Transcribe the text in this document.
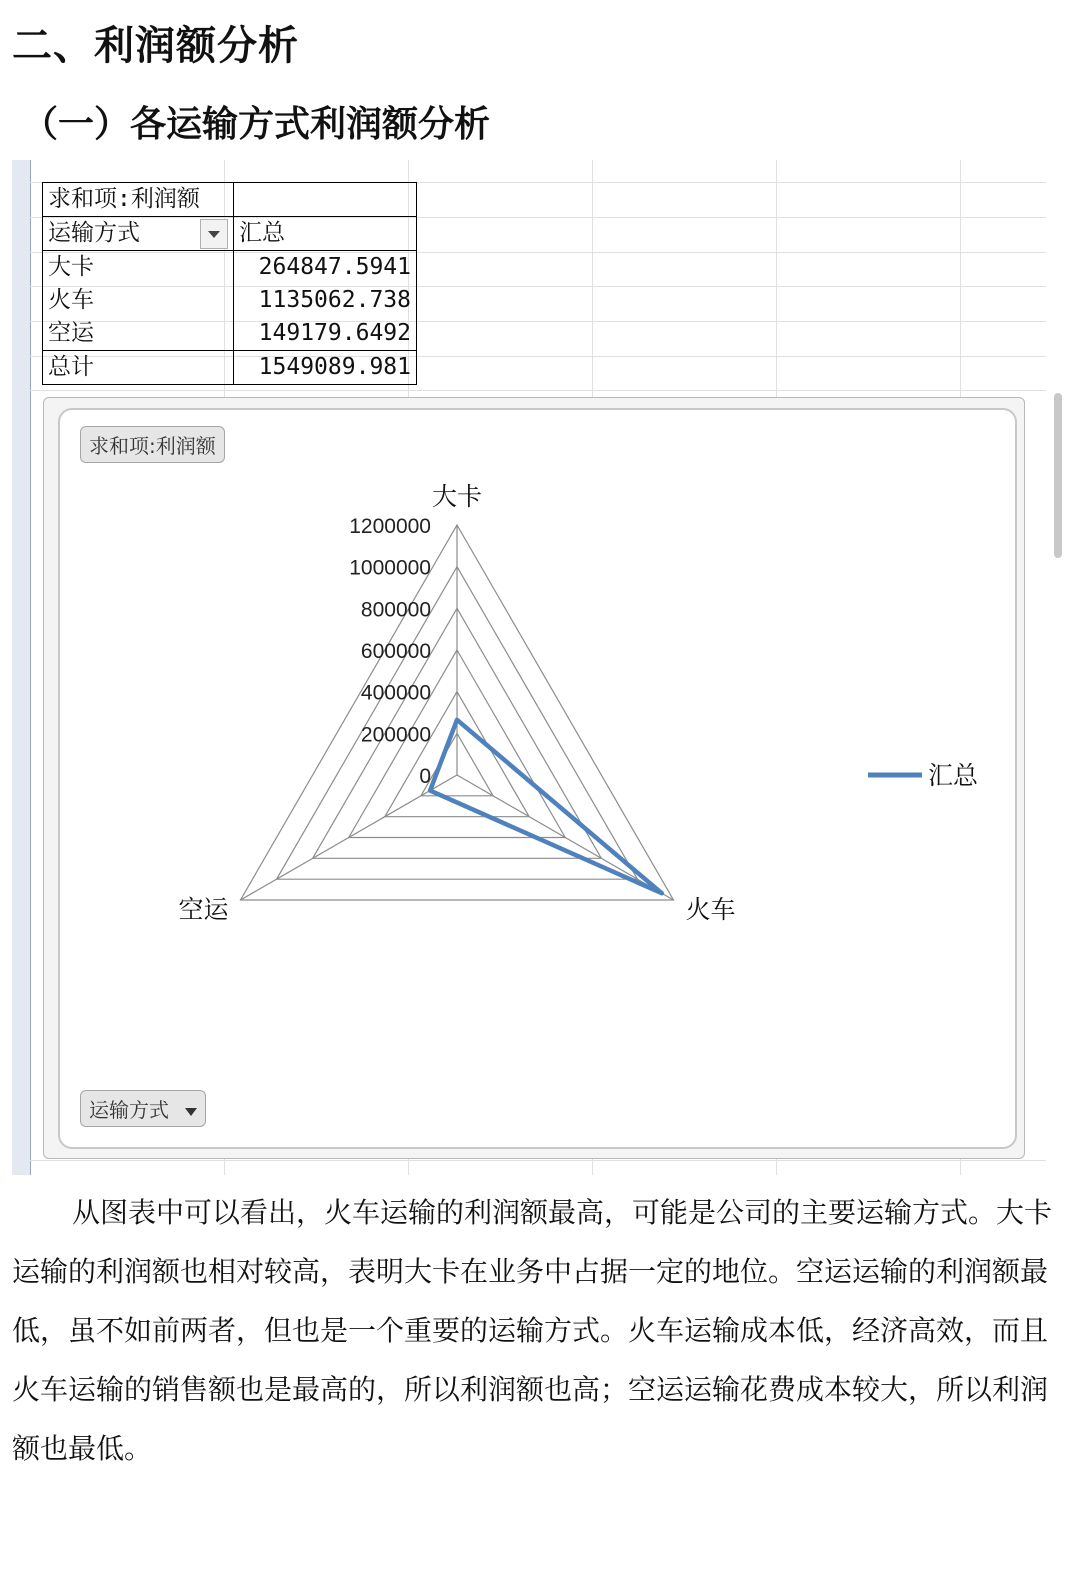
二、利润额分析
（一）各运输方式利润额分析
求和项:利润额	
运输方式	汇总
大卡	264847.5941
火车	1135062.738
空运	149179.6492
总计	1549089.981
求和项:利润额
运输方式
1200000
1000000
800000
600000
400000
200000
0
大卡
火车
空运
汇总

从图表中可以看出，火车运输的利润额最高，可能是公司的主要运输方式。大卡运输的利润额也相对较高，表明大卡在业务中占据一定的地位。空运运输的利润额最低，虽不如前两者，但也是一个重要的运输方式。火车运输成本低，经济高效，而且火车运输的销售额也是最高的，所以利润额也高；空运运输花费成本较大，所以利润额也最低。
